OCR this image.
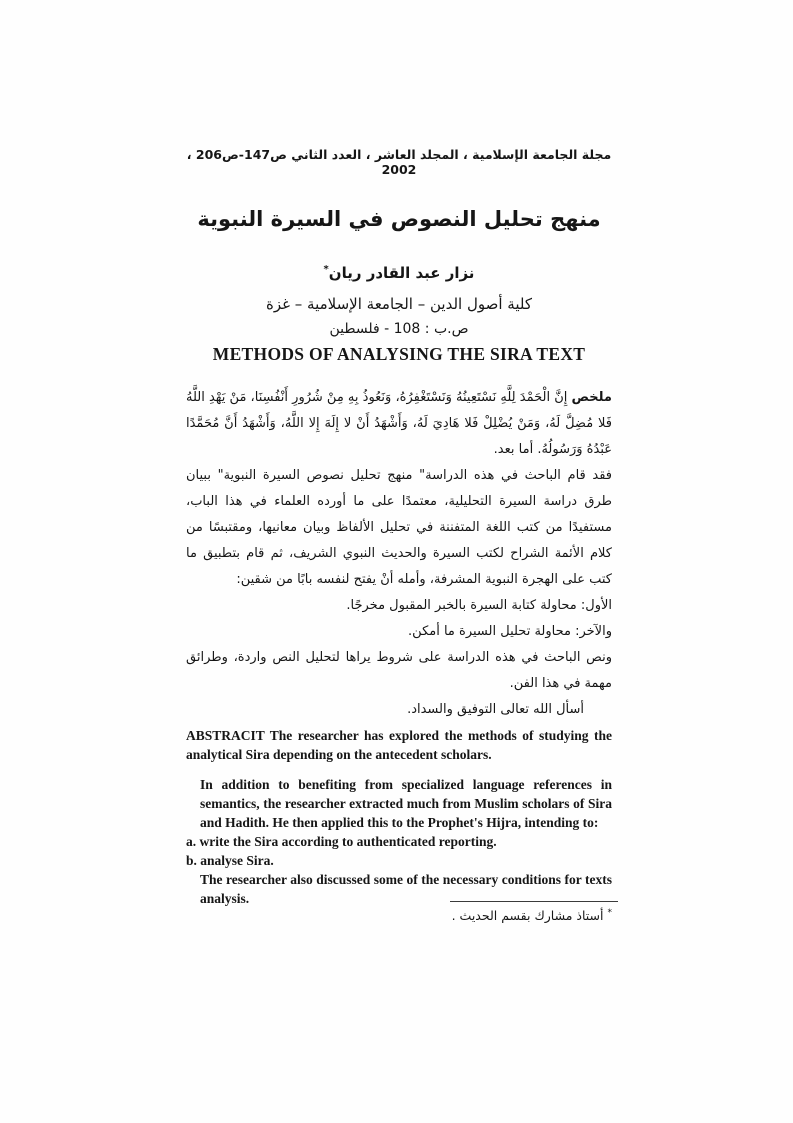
مجلة الجامعة الإسلامية ، المجلد العاشر ، العدد الثاني ص147-ص206 ، 2002
منهج تحليل النصوص في السيرة النبوية
نزار عبد القادر ريان*
كلية أصول الدين – الجامعة الإسلامية – غزة
ص.ب : 108 - فلسطين
METHODS OF ANALYSING THE SIRA TEXT

ملخص إِنَّ الْحَمْدَ لِلَّهِ نَسْتَعِينُهُ وَنَسْتَغْفِرُهُ، وَنَعُوذُ بِهِ مِنْ شُرُورِ أَنْفُسِنَا، مَنْ يَهْدِ اللَّهُ فَلا مُضِلَّ لَهُ، وَمَنْ يُضْلِلْ فَلا هَادِيَ لَهُ، وَأَشْهَدُ أَنْ لا إِلَهَ إِلا اللَّهُ، وَأَشْهَدُ أَنَّ مُحَمَّدًا عَبْدُهُ وَرَسُولُهُ. أما بعد.

فقد قام الباحث في هذه الدراسة" منهج تحليل نصوص السيرة النبوية" ببيان طرق دراسة السيرة التحليلية، معتمدًا على ما أورده العلماء في هذا الباب، مستفيدًا من كتب اللغة المتفننة في تحليل الألفاظ وبيان معانيها، ومقتبسًا من كلام الأئمة الشراح لكتب السيرة والحديث النبوي الشريف، ثم قام بتطبيق ما كتب على الهجرة النبوية المشرفة، وأمله أنْ يفتح لنفسه بابًا من شقين:

الأول: محاولة كتابة السيرة بالخبر المقبول مخرجًا.

والآخر: محاولة تحليل السيرة ما أمكن.

ونص الباحث في هذه الدراسة على شروط يراها لتحليل النص واردة، وطرائق مهمة في هذا الفن.

أسأل الله تعالى التوفيق والسداد.

ABSTRACIT The researcher has explored the methods of studying the analytical Sira depending on the antecedent scholars.

In addition to benefiting from specialized language references in semantics, the researcher extracted much from Muslim scholars of Sira and Hadith. He then applied this to the Prophet's Hijra, intending to:

a. write the Sira according to authenticated reporting.

b. analyse Sira.

The researcher also discussed some of the necessary conditions for texts analysis.

* أستاذ مشارك بقسم الحديث .
